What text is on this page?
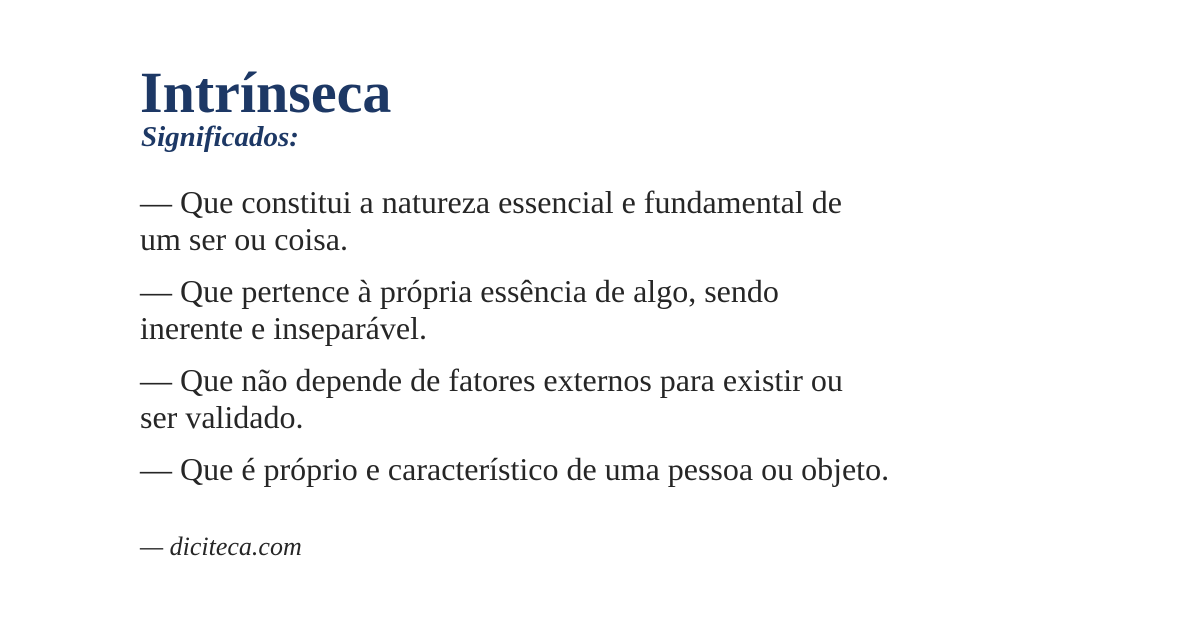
Intrínseca
Significados:

— Que constitui a natureza essencial e fundamental de
um ser ou coisa.

— Que pertence à própria essência de algo, sendo
inerente e inseparável.

— Que não depende de fatores externos para existir ou
ser validado.

— Que é próprio e característico de uma pessoa ou objeto.

— diciteca.com
